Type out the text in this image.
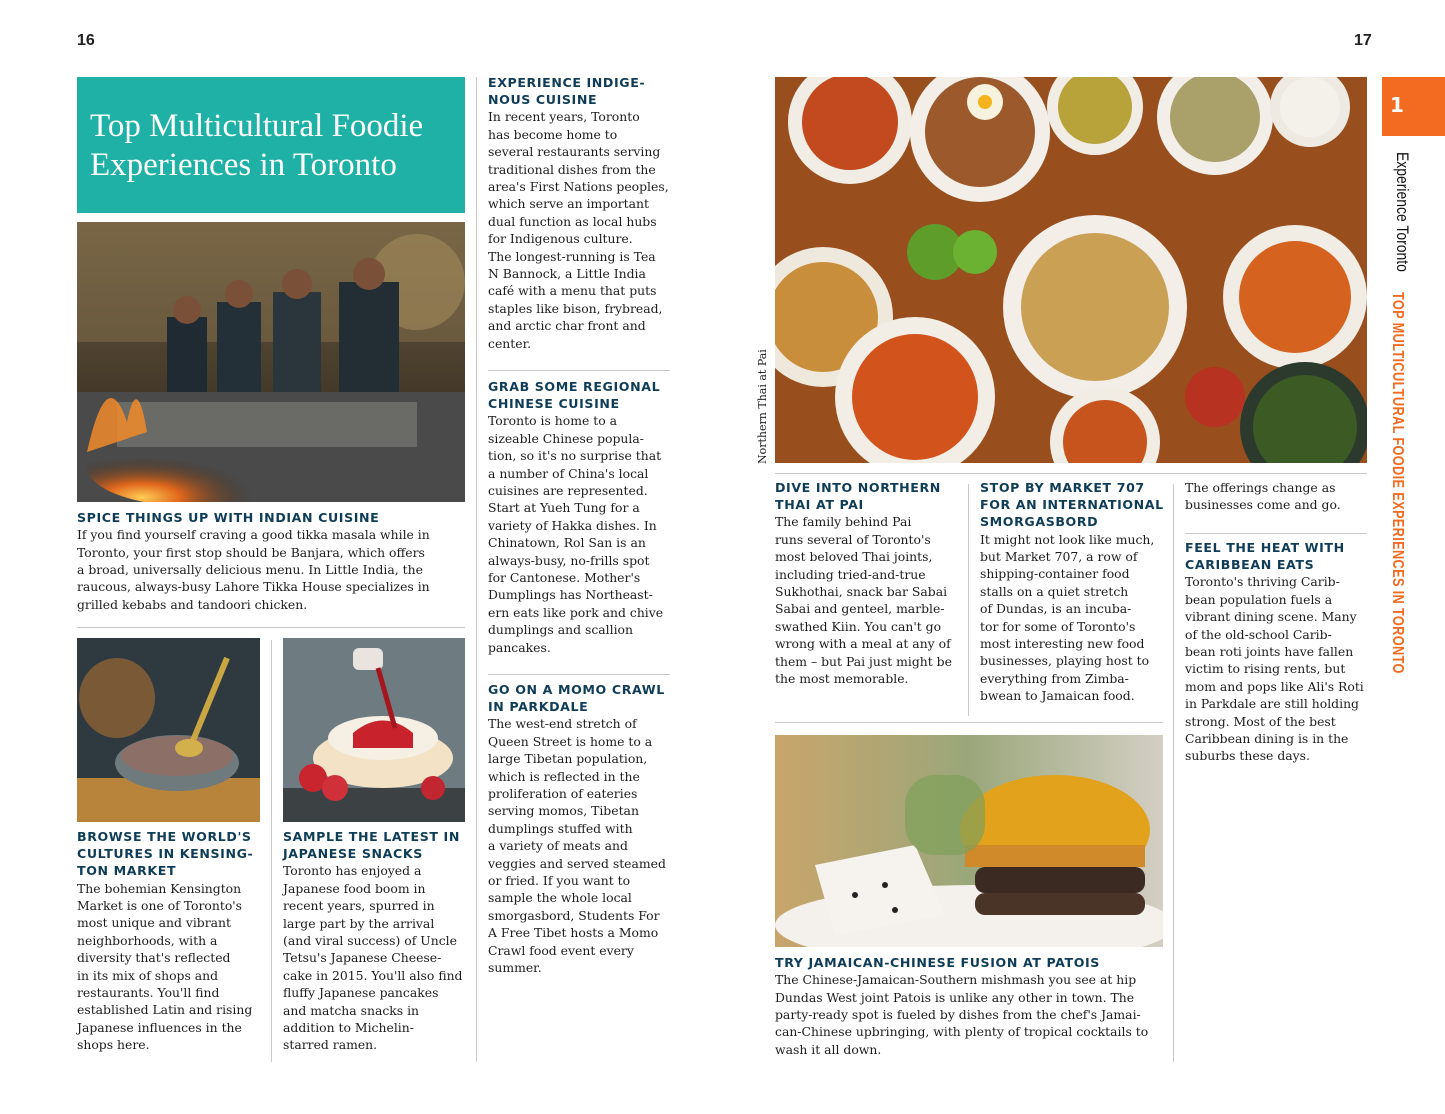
16	17
Top Multicultural Foodie Experiences in Toronto
SPICE THINGS UP WITH INDIAN CUISINE

If you find yourself craving a good tikka masala while in
Toronto, your first stop should be Banjara, which offers
a broad, universally delicious menu. In Little India, the
raucous, always-busy Lahore Tikka House specializes in
grilled kebabs and tandoori chicken.

BROWSE THE WORLD'S
CULTURES IN KENSING-
TON MARKET

The bohemian Kensington
Market is one of Toronto's
most unique and vibrant
neighborhoods, with a
diversity that's reflected
in its mix of shops and
restaurants. You'll find
established Latin and rising
Japanese influences in the
shops here.

SAMPLE THE LATEST IN
JAPANESE SNACKS

Toronto has enjoyed a
Japanese food boom in
recent years, spurred in
large part by the arrival
(and viral success) of Uncle
Tetsu's Japanese Cheese-
cake in 2015. You'll also find
fluffy Japanese pancakes
and matcha snacks in
addition to Michelin-
starred ramen.

EXPERIENCE INDIGE-
NOUS CUISINE

In recent years, Toronto
has become home to
several restaurants serving
traditional dishes from the
area's First Nations peoples,
which serve an important
dual function as local hubs
for Indigenous culture.
The longest-running is Tea
N Bannock, a Little India
café with a menu that puts
staples like bison, frybread,
and arctic char front and
center.

GRAB SOME REGIONAL
CHINESE CUISINE

Toronto is home to a
sizeable Chinese popula-
tion, so it's no surprise that
a number of China's local
cuisines are represented.
Start at Yueh Tung for a
variety of Hakka dishes. In
Chinatown, Rol San is an
always-busy, no-frills spot
for Cantonese. Mother's
Dumplings has Northeast-
ern eats like pork and chive
dumplings and scallion
pancakes.

GO ON A MOMO CRAWL
IN PARKDALE

The west-end stretch of
Queen Street is home to a
large Tibetan population,
which is reflected in the
proliferation of eateries
serving momos, Tibetan
dumplings stuffed with
a variety of meats and
veggies and served steamed
or fried. If you want to
sample the whole local
smorgasbord, Students For
A Free Tibet hosts a Momo
Crawl food event every
summer.

Northern Thai at Pai
DIVE INTO NORTHERN
THAI AT PAI

The family behind Pai
runs several of Toronto's
most beloved Thai joints,
including tried-and-true
Sukhothai, snack bar Sabai
Sabai and genteel, marble-
swathed Kiin. You can't go
wrong with a meal at any of
them – but Pai just might be
the most memorable.

STOP BY MARKET 707
FOR AN INTERNATIONAL
SMORGASBORD

It might not look like much,
but Market 707, a row of
shipping-container food
stalls on a quiet stretch
of Dundas, is an incuba-
tor for some of Toronto's
most interesting new food
businesses, playing host to
everything from Zimba-
bwean to Jamaican food.

The offerings change as
businesses come and go.

FEEL THE HEAT WITH
CARIBBEAN EATS

Toronto's thriving Carib-
bean population fuels a
vibrant dining scene. Many
of the old-school Carib-
bean roti joints have fallen
victim to rising rents, but
mom and pops like Ali's Roti
in Parkdale are still holding
strong. Most of the best
Caribbean dining is in the
suburbs these days.

TRY JAMAICAN-CHINESE FUSION AT PATOIS

The Chinese-Jamaican-Southern mishmash you see at hip
Dundas West joint Patois is unlike any other in town. The
party-ready spot is fueled by dishes from the chef's Jamai-
can-Chinese upbringing, with plenty of tropical cocktails to
wash it all down.

1
Experience Toronto
TOP MULTICULTURAL FOODIE EXPERIENCES IN TORONTO
